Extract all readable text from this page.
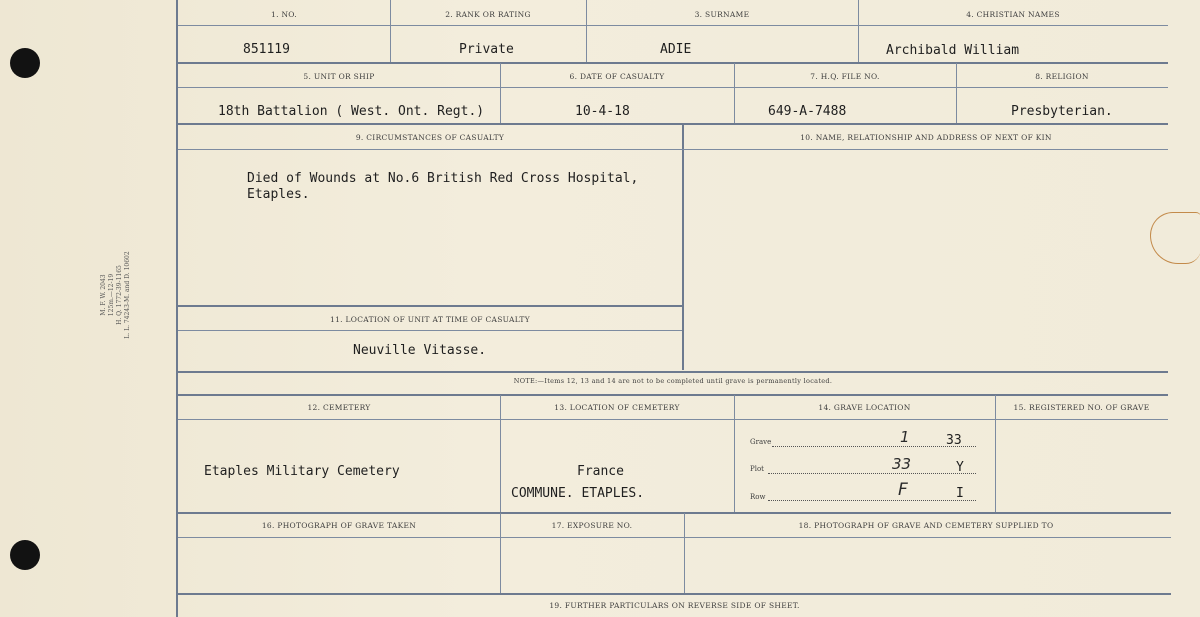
M. F. W. 2043 125m.—12-19 H. Q. 1772-39-1165 L. L. 74243-M. and D. 10602
1. NO.	2. RANK OR RATING	3. SURNAME	4. CHRISTIAN NAMES
851119	Private	ADIE	Archibald William
5. UNIT OR SHIP	6. DATE OF CASUALTY	7. H.Q. FILE NO.	8. RELIGION
18th Battalion ( West. Ont. Regt.)	10-4-18	649-A-7488	Presbyterian.
9. CIRCUMSTANCES OF CASUALTY	10. NAME, RELATIONSHIP AND ADDRESS OF NEXT OF KIN
Died of Wounds at No.6 British Red Cross Hospital,
Etaples.
11. LOCATION OF UNIT AT TIME OF CASUALTY
Neuville Vitasse.
NOTE:—Items 12, 13 and 14 are not to be completed until grave is permanently located.
12. CEMETERY	13. LOCATION OF CEMETERY	14. GRAVE LOCATION	15. REGISTERED NO. OF GRAVE
Etaples Military Cemetery	France
COMMUNE. ETAPLES.
Grave	1	33
Plot	33	Y
Row	F	I
16. PHOTOGRAPH OF GRAVE TAKEN	17. EXPOSURE NO.	18. PHOTOGRAPH OF GRAVE AND CEMETERY SUPPLIED TO
19. FURTHER PARTICULARS ON REVERSE SIDE OF SHEET.
